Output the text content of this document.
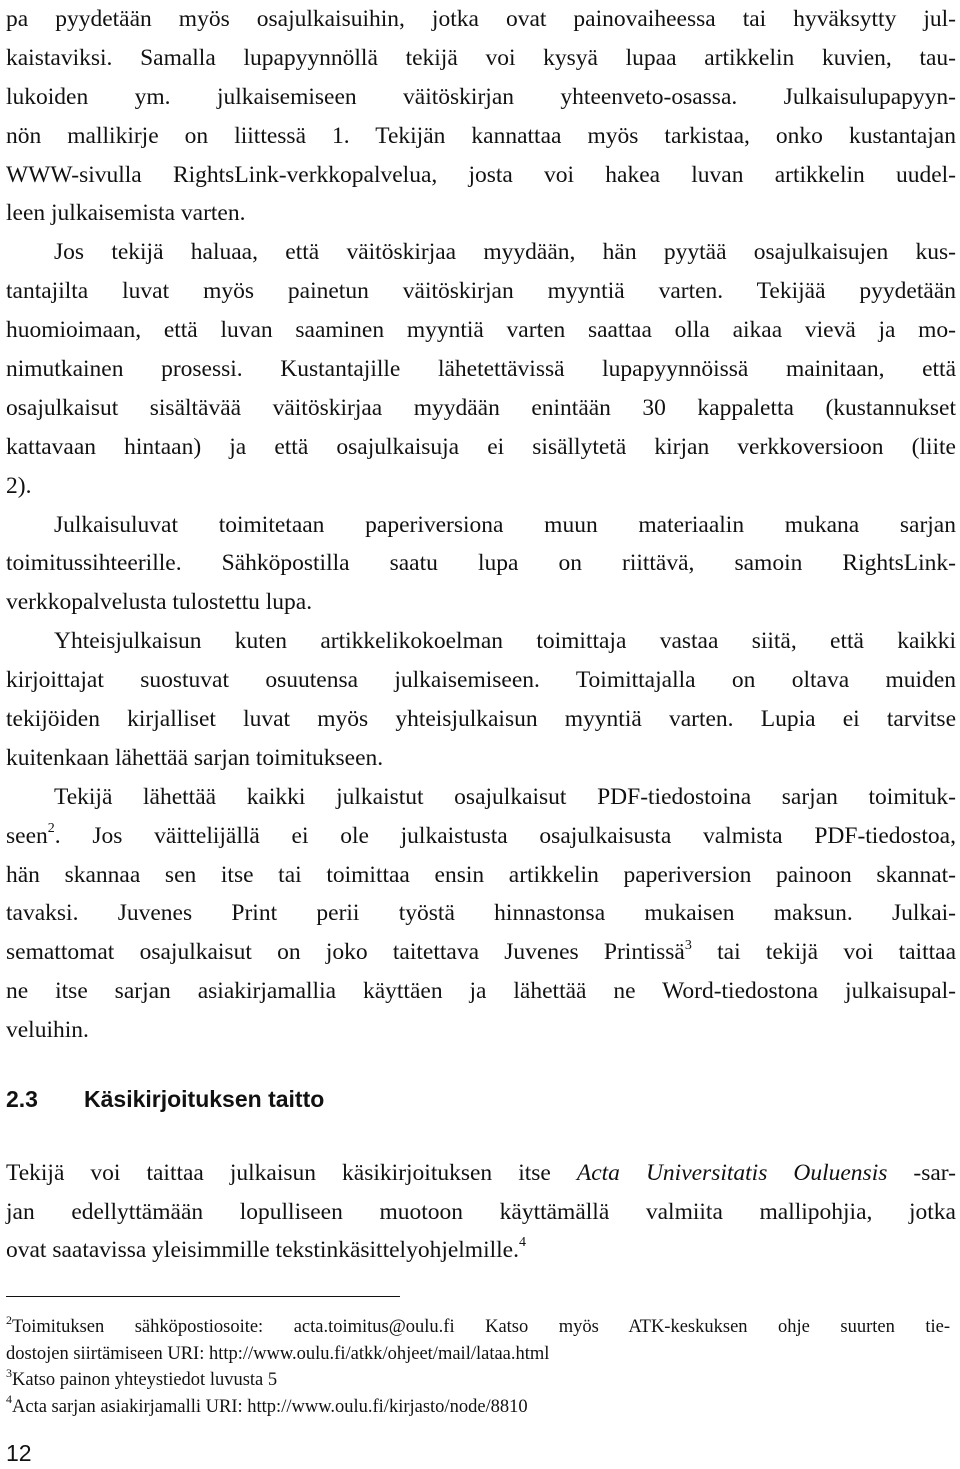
pa pyydetään myös osajulkaisuihin, jotka ovat painovaiheessa tai hyväksytty jul-
kaistaviksi. Samalla lupapyynnöllä tekijä voi kysyä lupaa artikkelin kuvien, tau-
lukoiden ym. julkaisemiseen väitöskirjan yhteenveto-osassa. Julkaisulupapyyn-
nön mallikirje on liittessä 1. Tekijän kannattaa myös tarkistaa, onko kustantajan
WWW-sivulla RightsLink-verkkopalvelua, josta voi hakea luvan artikkelin uudel-
leen julkaisemista varten.
Jos tekijä haluaa, että väitöskirjaa myydään, hän pyytää osajulkaisujen kus-
tantajilta luvat myös painetun väitöskirjan myyntiä varten. Tekijää pyydetään
huomioimaan, että luvan saaminen myyntiä varten saattaa olla aikaa vievä ja mo-
nimutkainen prosessi. Kustantajille lähetettävissä lupapyynnöissä mainitaan, että
osajulkaisut sisältävää väitöskirjaa myydään enintään 30 kappaletta (kustannukset
kattavaan hintaan) ja että osajulkaisuja ei sisällytetä kirjan verkkoversioon (liite
2).
Julkaisuluvat toimitetaan paperiversiona muun materiaalin mukana sarjan
toimitussihteerille. Sähköpostilla saatu lupa on riittävä, samoin RightsLink-
verkkopalvelusta tulostettu lupa.
Yhteisjulkaisun kuten artikkelikokoelman toimittaja vastaa siitä, että kaikki
kirjoittajat suostuvat osuutensa julkaisemiseen. Toimittajalla on oltava muiden
tekijöiden kirjalliset luvat myös yhteisjulkaisun myyntiä varten. Lupia ei tarvitse
kuitenkaan lähettää sarjan toimitukseen.
Tekijä lähettää kaikki julkaistut osajulkaisut PDF-tiedostoina sarjan toimituk-
seen$^2$. Jos väittelijällä ei ole julkaistusta osajulkaisusta valmista PDF-tiedostoa,
hän skannaa sen itse tai toimittaa ensin artikkelin paperiversion painoon skannat-
tavaksi. Juvenes Print perii työstä hinnastonsa mukaisen maksun. Julkai-
semattomat osajulkaisut on joko taitettava Juvenes Printissä$^3$ tai tekijä voi taittaa
ne itse sarjan asiakirjamallia käyttäen ja lähettää ne Word-tiedostona julkaisupal-
veluihin.
2.3 Käsikirjoituksen taitto
Tekijä voi taittaa julkaisun käsikirjoituksen itse Acta Universitatis Ouluensis -sar-
jan edellyttämään lopulliseen muotoon käyttämällä valmiita mallipohjia, jotka
ovat saatavissa yleisimmille tekstinkäsittelyohjelmille.$^4$
$^2$Toimituksen sähköpostiosoite: acta.toimitus@oulu.fi Katso myös ATK-keskuksen ohje suurten tie-
dostojen siirtämiseen URI: http://www.oulu.fi/atkk/ohjeet/mail/lataa.html
$^3$Katso painon yhteystiedot luvusta 5
$^4$Acta sarjan asiakirjamalli URI: http://www.oulu.fi/kirjasto/node/8810
12
